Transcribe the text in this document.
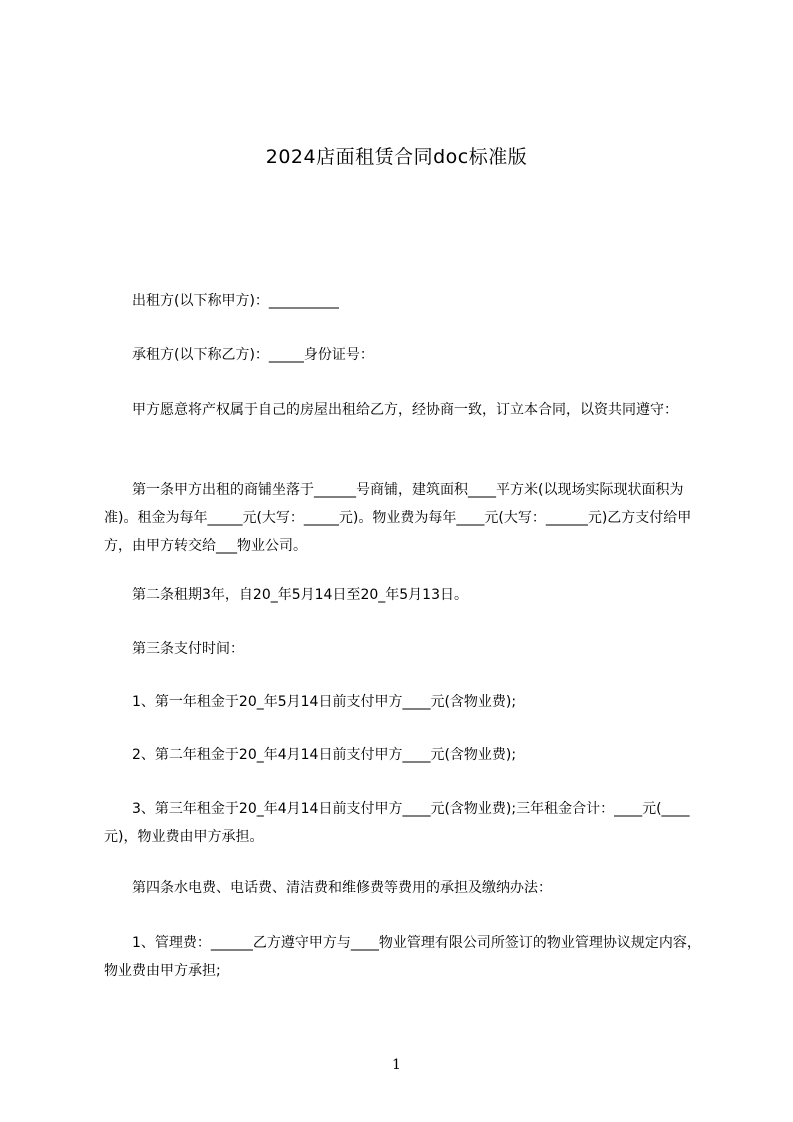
2024店面租赁合同doc标准版

出租方(以下称甲方)：__________

承租方(以下称乙方)：_____身份证号：

甲方愿意将产权属于自己的房屋出租给乙方，经协商一致，订立本合同，以资共同遵守：

第一条甲方出租的商铺坐落于______号商铺，建筑面积____平方米(以现场实际现状面积为准)。租金为每年_____元(大写：_____元)。物业费为每年____元(大写：______元)乙方支付给甲方，由甲方转交给___物业公司。

第二条租期3年，自20_年5月14日至20_年5月13日。

第三条支付时间：

1、第一年租金于20_年5月14日前支付甲方____元(含物业费);

2、第二年租金于20_年4月14日前支付甲方____元(含物业费);

3、第三年租金于20_年4月14日前支付甲方____元(含物业费);三年租金合计：____元(____元)，物业费由甲方承担。

第四条水电费、电话费、清洁费和维修费等费用的承担及缴纳办法：

1、管理费：______乙方遵守甲方与____物业管理有限公司所签订的物业管理协议规定内容，物业费由甲方承担;

1
